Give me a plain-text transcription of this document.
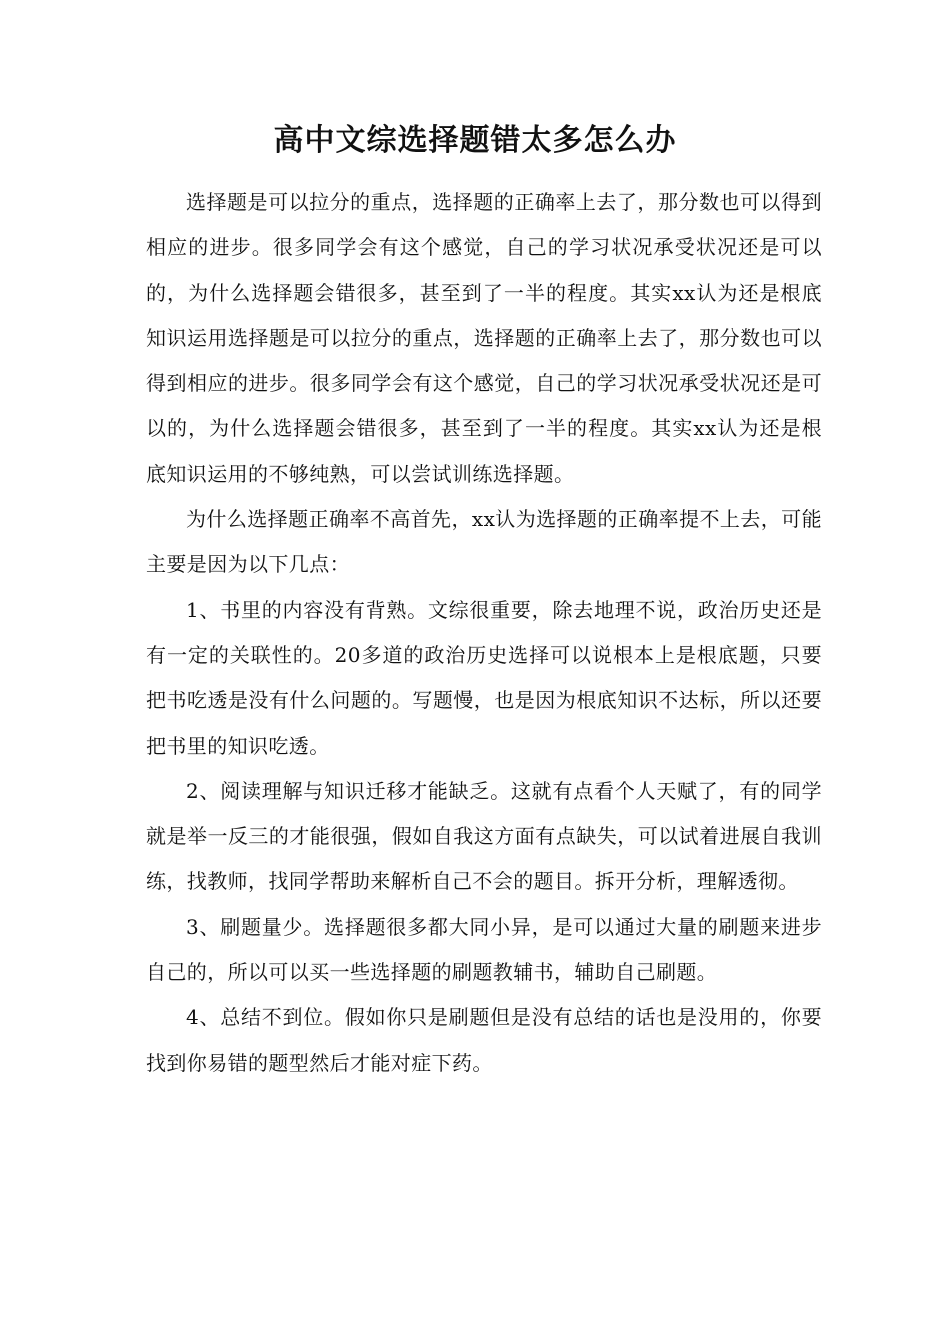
高中文综选择题错太多怎么办

选择题是可以拉分的重点，选择题的正确率上去了，那分数也可以得到相应的进步。很多同学会有这个感觉，自己的学习状况承受状况还是可以的，为什么选择题会错很多，甚至到了一半的程度。其实xx认为还是根底知识运用选择题是可以拉分的重点，选择题的正确率上去了，那分数也可以得到相应的进步。很多同学会有这个感觉，自己的学习状况承受状况还是可以的，为什么选择题会错很多，甚至到了一半的程度。其实xx认为还是根底知识运用的不够纯熟，可以尝试训练选择题。

为什么选择题正确率不高首先，xx认为选择题的正确率提不上去，可能主要是因为以下几点：

1、书里的内容没有背熟。文综很重要，除去地理不说，政治历史还是有一定的关联性的。20多道的政治历史选择可以说根本上是根底题，只要把书吃透是没有什么问题的。写题慢，也是因为根底知识不达标，所以还要把书里的知识吃透。

2、阅读理解与知识迁移才能缺乏。这就有点看个人天赋了，有的同学就是举一反三的才能很强，假如自我这方面有点缺失，可以试着进展自我训练，找教师，找同学帮助来解析自己不会的题目。拆开分析，理解透彻。

3、刷题量少。选择题很多都大同小异，是可以通过大量的刷题来进步自己的，所以可以买一些选择题的刷题教辅书，辅助自己刷题。

4、总结不到位。假如你只是刷题但是没有总结的话也是没用的，你要找到你易错的题型然后才能对症下药。
